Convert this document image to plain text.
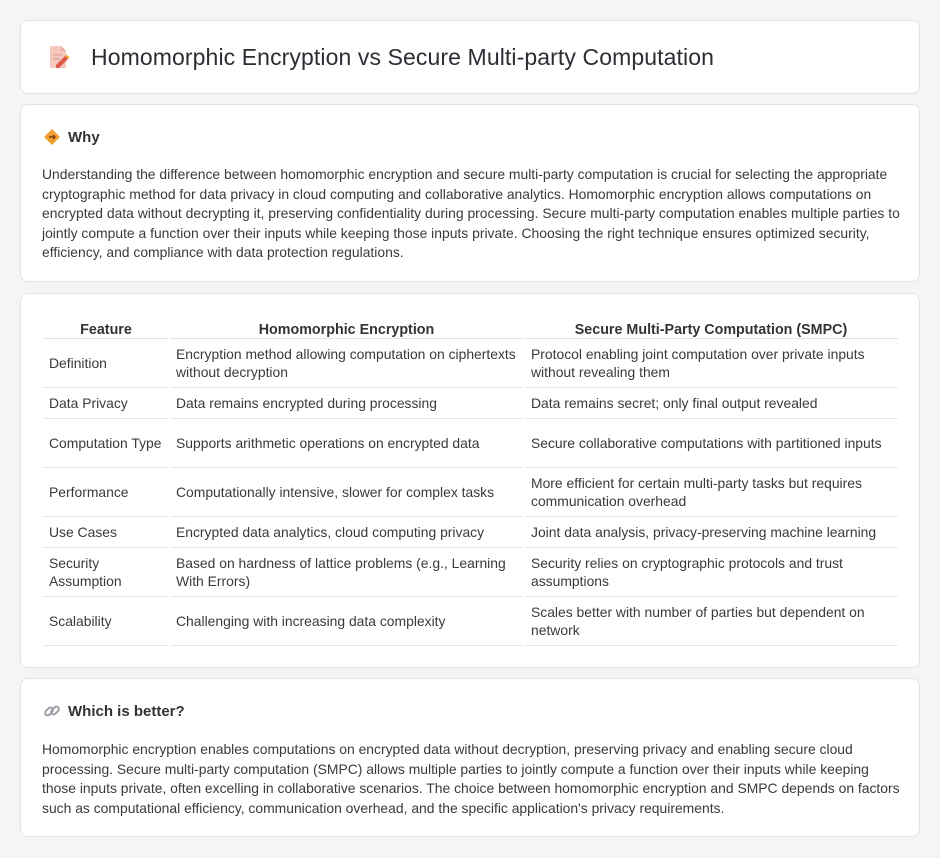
Homomorphic Encryption vs Secure Multi-party Computation
Why

Understanding the difference between homomorphic encryption and secure multi-party computation is crucial for selecting the appropriate cryptographic method for data privacy in cloud computing and collaborative analytics. Homomorphic encryption allows computations on encrypted data without decrypting it, preserving confidentiality during processing. Secure multi-party computation enables multiple parties to jointly compute a function over their inputs while keeping those inputs private. Choosing the right technique ensures optimized security, efficiency, and compliance with data protection regulations.

Feature	Homomorphic Encryption	Secure Multi-Party Computation (SMPC)
Definition	Encryption method allowing computation on ciphertexts without decryption	Protocol enabling joint computation over private inputs without revealing them
Data Privacy	Data remains encrypted during processing	Data remains secret; only final output revealed
Computation Type	Supports arithmetic operations on encrypted data	Secure collaborative computations with partitioned inputs
Performance	Computationally intensive, slower for complex tasks	More efficient for certain multi-party tasks but requires communication overhead
Use Cases	Encrypted data analytics, cloud computing privacy	Joint data analysis, privacy-preserving machine learning
Security Assumption	Based on hardness of lattice problems (e.g., Learning With Errors)	Security relies on cryptographic protocols and trust assumptions
Scalability	Challenging with increasing data complexity	Scales better with number of parties but dependent on network
Which is better?

Homomorphic encryption enables computations on encrypted data without decryption, preserving privacy and enabling secure cloud processing. Secure multi-party computation (SMPC) allows multiple parties to jointly compute a function over their inputs while keeping those inputs private, often excelling in collaborative scenarios. The choice between homomorphic encryption and SMPC depends on factors such as computational efficiency, communication overhead, and the specific application's privacy requirements.
